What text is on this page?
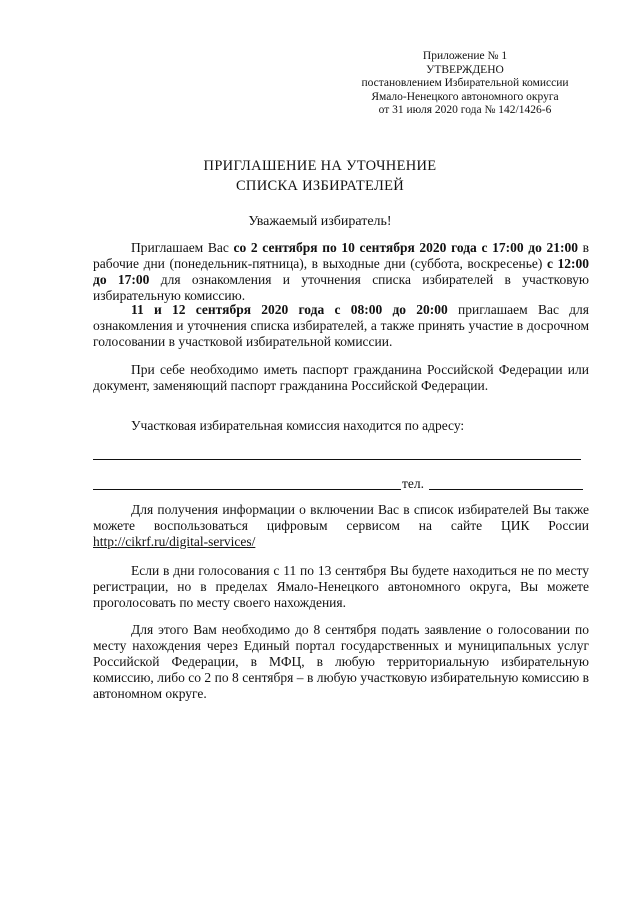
Приложение № 1
УТВЕРЖДЕНО
постановлением Избирательной комиссии
Ямало-Ненецкого автономного округа
от 31 июля 2020 года № 142/1426-6
ПРИГЛАШЕНИЕ НА УТОЧНЕНИЕ
СПИСКА ИЗБИРАТЕЛЕЙ
Уважаемый избиратель!
Приглашаем Вас со 2 сентября по 10 сентября 2020 года с 17:00 до 21:00 в рабочие дни (понедельник-пятница), в выходные дни (суббота, воскресенье) с 12:00 до 17:00 для ознакомления и уточнения списка избирателей в участковую избирательную комиссию.
11 и 12 сентября 2020 года с 08:00 до 20:00 приглашаем Вас для ознакомления и уточнения списка избирателей, а также принять участие в досрочном голосовании в участковой избирательной комиссии.
При себе необходимо иметь паспорт гражданина Российской Федерации или документ, заменяющий паспорт гражданина Российской Федерации.
Участковая избирательная комиссия находится по адресу:
тел.
Для получения информации о включении Вас в список избирателей Вы также можете воспользоваться цифровым сервисом на сайте ЦИК России http://cikrf.ru/digital-services/
Если в дни голосования с 11 по 13 сентября Вы будете находиться не по месту регистрации, но в пределах Ямало-Ненецкого автономного округа, Вы можете проголосовать по месту своего нахождения.
Для этого Вам необходимо до 8 сентября подать заявление о голосовании по месту нахождения через Единый портал государственных и муниципальных услуг Российской Федерации, в МФЦ, в любую территориальную избирательную комиссию, либо со 2 по 8 сентября – в любую участковую избирательную комиссию в автономном округе.
